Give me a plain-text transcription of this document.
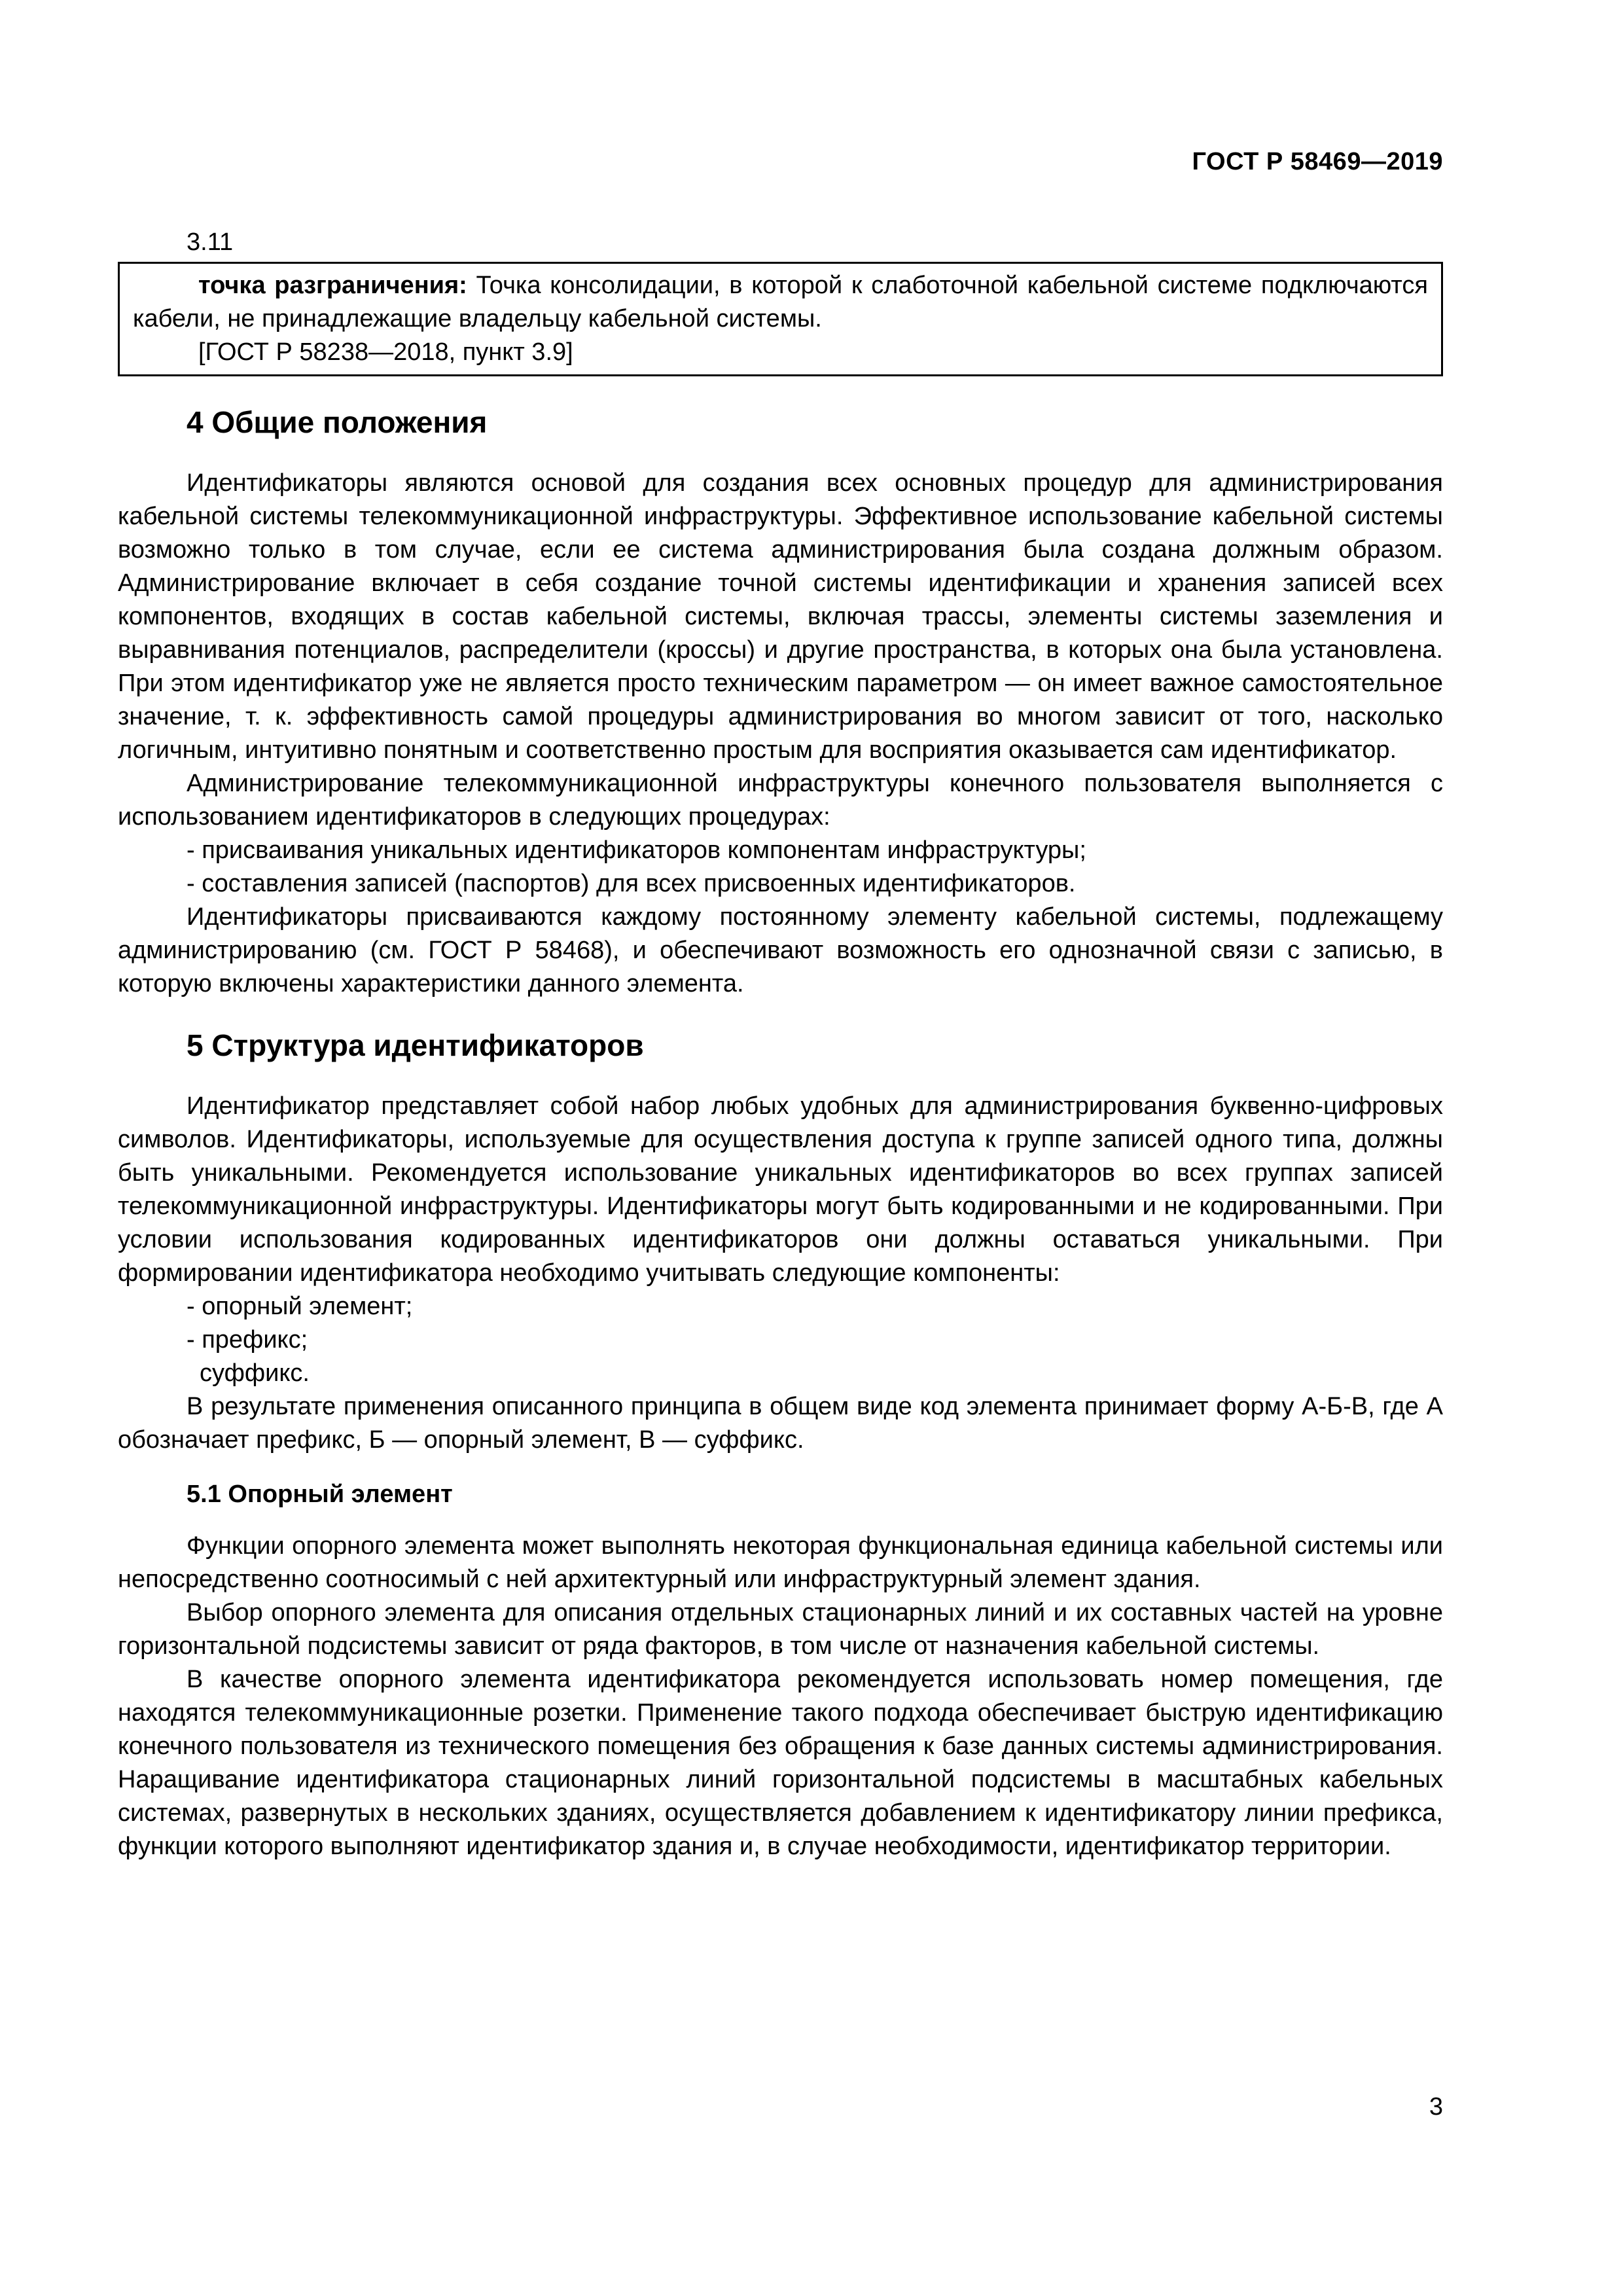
ГОСТ Р 58469—2019

3.11

точка разграничения: Точка консолидации, в которой к слаботочной кабельной системе подключаются кабели, не принадлежащие владельцу кабельной системы.

[ГОСТ Р 58238—2018, пункт 3.9]

4 Общие положения

Идентификаторы являются основой для создания всех основных процедур для администрирования кабельной системы телекоммуникационной инфраструктуры. Эффективное использование кабельной системы возможно только в том случае, если ее система администрирования была создана должным образом. Администрирование включает в себя создание точной системы идентификации и хранения записей всех компонентов, входящих в состав кабельной системы, включая трассы, элементы системы заземления и выравнивания потенциалов, распределители (кроссы) и другие пространства, в которых она была установлена. При этом идентификатор уже не является просто техническим параметром — он имеет важное самостоятельное значение, т. к. эффективность самой процедуры администрирования во многом зависит от того, насколько логичным, интуитивно понятным и соответственно простым для восприятия оказывается сам идентификатор.

Администрирование телекоммуникационной инфраструктуры конечного пользователя выполняется с использованием идентификаторов в следующих процедурах:

- присваивания уникальных идентификаторов компонентам инфраструктуры;

- составления записей (паспортов) для всех присвоенных идентификаторов.

Идентификаторы присваиваются каждому постоянному элементу кабельной системы, подлежащему администрированию (см. ГОСТ Р 58468), и обеспечивают возможность его однозначной связи с записью, в которую включены характеристики данного элемента.

5 Структура идентификаторов

Идентификатор представляет собой набор любых удобных для администрирования буквенно-цифровых символов. Идентификаторы, используемые для осуществления доступа к группе записей одного типа, должны быть уникальными. Рекомендуется использование уникальных идентификаторов во всех группах записей телекоммуникационной инфраструктуры. Идентификаторы могут быть кодированными и не кодированными. При условии использования кодированных идентификаторов они должны оставаться уникальными. При формировании идентификатора необходимо учитывать следующие компоненты:

- опорный элемент;

- префикс;

суффикс.

В результате применения описанного принципа в общем виде код элемента принимает форму А-Б-В, где А обозначает префикс, Б — опорный элемент, В — суффикс.

5.1 Опорный элемент

Функции опорного элемента может выполнять некоторая функциональная единица кабельной системы или непосредственно соотносимый с ней архитектурный или инфраструктурный элемент здания.

Выбор опорного элемента для описания отдельных стационарных линий и их составных частей на уровне горизонтальной подсистемы зависит от ряда факторов, в том числе от назначения кабельной системы.

В качестве опорного элемента идентификатора рекомендуется использовать номер помещения, где находятся телекоммуникационные розетки. Применение такого подхода обеспечивает быструю идентификацию конечного пользователя из технического помещения без обращения к базе данных системы администрирования. Наращивание идентификатора стационарных линий горизонтальной подсистемы в масштабных кабельных системах, развернутых в нескольких зданиях, осуществляется добавлением к идентификатору линии префикса, функции которого выполняют идентификатор здания и, в случае необходимости, идентификатор территории.

3
